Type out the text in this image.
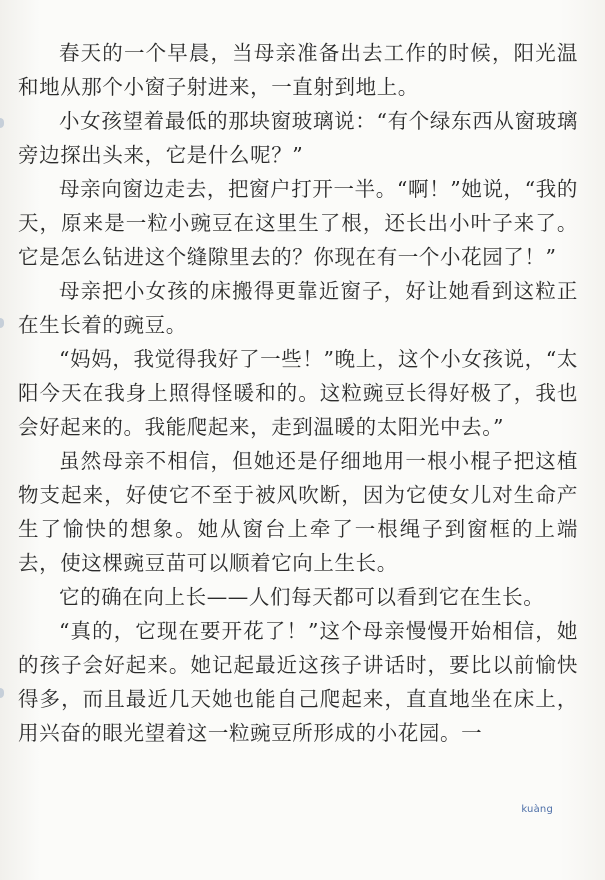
春天的一个早晨，当母亲准备出去工作的时候，阳光温和地从那个小窗子射进来，一直射到地上。

小女孩望着最低的那块窗玻璃说：“有个绿东西从窗玻璃旁边探出头来，它是什么呢？”

母亲向窗边走去，把窗户打开一半。“啊！”她说，“我的天，原来是一粒小豌豆在这里生了根，还长出小叶子来了。它是怎么钻进这个缝隙里去的？你现在有一个小花园了！”

母亲把小女孩的床搬得更靠近窗子，好让她看到这粒正在生长着的豌豆。

“妈妈，我觉得我好了一些！”晚上，这个小女孩说，“太阳今天在我身上照得怪暖和的。这粒豌豆长得好极了，我也会好起来的。我能爬起来，走到温暖的太阳光中去。”

虽然母亲不相信，但她还是仔细地用一根小棍子把这植物支起来，好使它不至于被风吹断，因为它使女儿对生命产生了愉快的想象。她从窗台上牵了一根绳子到窗框的上端去，使这棵豌豆苗可以顺着它向上生长。

它的确在向上长——人们每天都可以看到它在生长。

“真的，它现在要开花了！”这个母亲慢慢开始相信，她的孩子会好起来。她记起最近这孩子讲话时，要比以前愉快得多，而且最近几天她也能自己爬起来，直直地坐在床上，用兴奋的眼光望着这一粒豌豆所形成的小花园。一

kuàng
